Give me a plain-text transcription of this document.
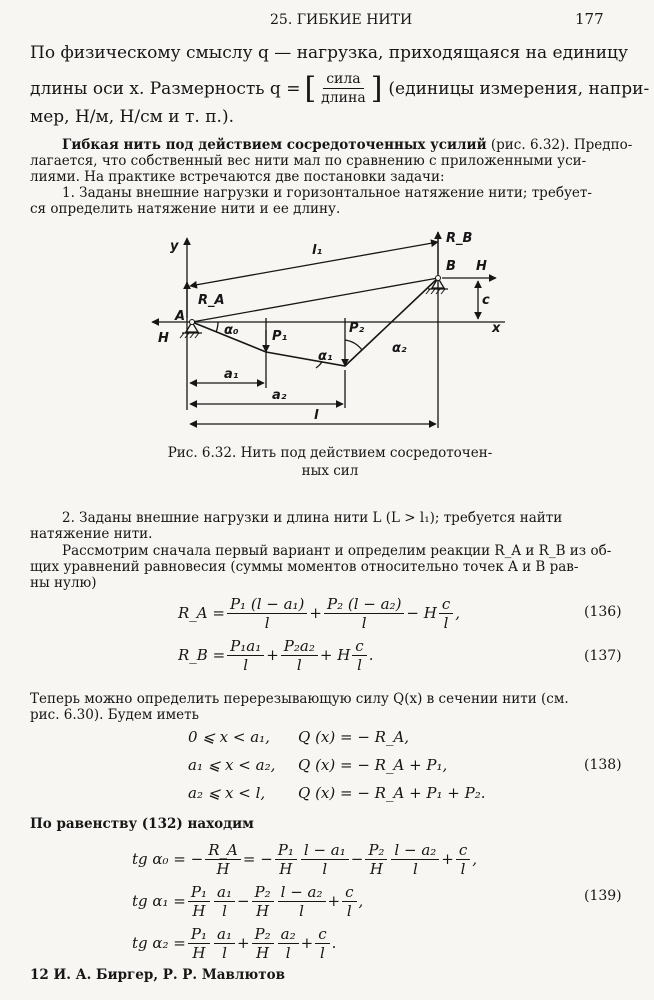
25. ГИБКИЕ НИТИ	177
По физическому смыслу q — нагрузка, приходящаяся на единицу
длины оси x. Размерность q = [ $\frac{\text{сила}}{\text{длина}}$ ] (единицы измерения, напри-
мер, Н/м, Н/см и т. п.).
Гибкая нить под действием сосредоточенных усилий (рис. 6.32). Предпо-
лагается, что собственный вес нити мал по сравнению с приложенными уси-
лиями. На практике встречаются две постановки задачи:
1. Заданы внешние нагрузки и горизонтальное натяжение нити; требует-
ся определить натяжение нити и ее длину.
y	l₁
R_B
B H
c
R_A
A
H
α₀	P₁
P₂
α₁
α₂
x
a₁
a₂
l
Рис. 6.32. Нить под действием сосредоточен-
ных сил
2. Заданы внешние нагрузки и длина нити L (L > l₁); требуется найти
натяжение нити.
Рассмотрим сначала первый вариант и определим реакции R_A и R_B из об-
щих уравнений равновесия (суммы моментов относительно точек A и B рав-
ны нулю)
R_A = $\frac{\text{P₁ (l − a₁)}}{l} + \frac{\text{P₂ (l − a₂)}}{l} - H \frac{c}{l}$ ,	(136)
R_B = $\frac{\text{P₁a₁}}{l} + \frac{\text{P₂a₂}}{l} + H \frac{c}{l}$ .	(137)
Теперь можно определить перерезывающую силу Q(x) в сечении нити (см.
рис. 6.30). Будем иметь
0 ⩽ x < a₁, Q (x) = − R_A,
a₁ ⩽ x < a₂, Q (x) = − R_A + P₁,
a₂ ⩽ x < l, Q (x) = − R_A + P₁ + P₂.
(138)
По равенству (132) находим
tg α₀ = − $\frac{R\_A}{H}$ = − $\frac{\text{P₁}}{H} \frac{\text{l − a₁}}{l} - \frac{\text{P₂}}{H} \frac{\text{l − a₂}}{l} + \frac{c}{l}$ ,
tg $\alpha_1 = \frac{\text{P₁}}{H} \frac{\text{a₁}}{l} - \frac{\text{P₂}}{H} \frac{\text{l − a₂}}{l} + \frac{c}{l}$ ,
tg $\alpha_2 = \frac{\text{P₁}}{H} \frac{\text{a₁}}{l} + \frac{\text{P₂}}{H} \frac{\text{a₂}}{l} + \frac{c}{l}$ .
(139)
12 И. А. Биргер, Р. Р. Мавлютов
